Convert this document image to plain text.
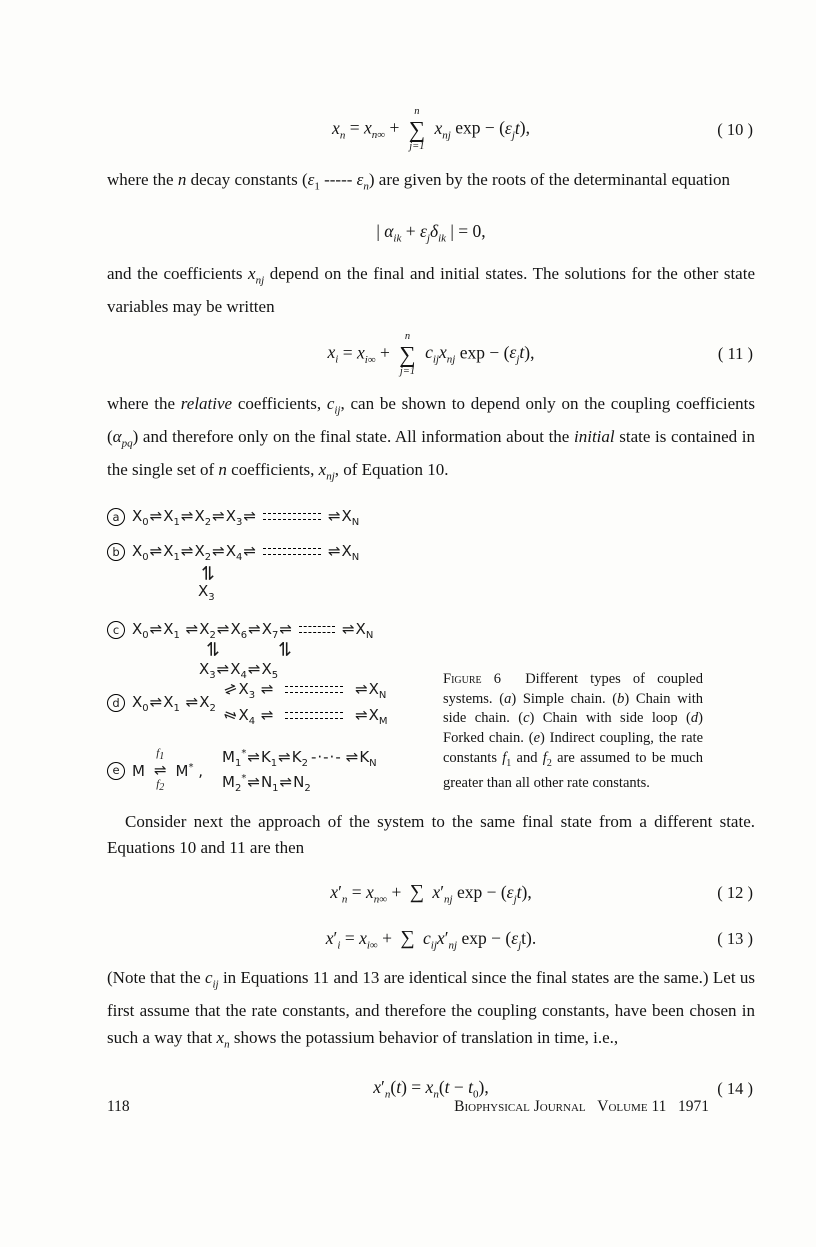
$x_n = x_{n\infty}$ +
n
∑
j=1
$x_{nj}$ $\exp - (\varepsilon_jt)$,	( 10 )

where the n decay constants ($\varepsilon_1$ ----- $\varepsilon_n$) are given by the roots of the determinantal equation

| $\alpha_{ik} + \varepsilon_j\delta_{ik}$ | = 0,

and the coefficients $x_{nj}$ depend on the final and initial states. The solutions for the other state variables may be written

$x_i = x_{i\infty}$ +
n
∑
j=1
$c_{ij}x_{nj}$ $\exp - (\varepsilon_jt)$,	( 11 )

where the relative coefficients, $c_{ij}$, can be shown to depend only on the coupling coefficients $(\alpha_{pq})$ and therefore only on the final state. All information about the initial state is contained in the single set of n coefficients, $x_{nj}$, of Equation 10.

a $X_0\rightleftharpoons X_1\rightleftharpoons X_2\rightleftharpoons X_3\rightleftharpoons$	$\rightleftharpoons X_N$
b $X_0\rightleftharpoons X_1\rightleftharpoons X_2\rightleftharpoons X_4\rightleftharpoons$	$\rightleftharpoons X_N$
⇌
$X_3$
c $X_0\rightleftharpoons X_1$ $\rightleftharpoons X_2\rightleftharpoons X_6\rightleftharpoons X_7\rightleftharpoons$	$\rightleftharpoons X_N$
⇌	⇌
$X_3\rightleftharpoons X_4\rightleftharpoons X_5$
d $X_0\rightleftharpoons X_1$ $\rightleftharpoons X_2$
$\rightleftharpoons X_3$ ⇌	$\rightleftharpoons X_N$
$\rightleftharpoons X_4$ ⇌	$\rightleftharpoons X_M$
e M
$f_1$
⇌
$f_2$
M* ,
$M_1^*\rightleftharpoons K_1\rightleftharpoons K_2$ -·-·- $\rightleftharpoons K_N$
$M_2^*\rightleftharpoons N_1\rightleftharpoons N_2$
Figure 6  Different types of coupled systems. (a) Simple chain. (b) Chain with side chain. (c) Chain with side loop (d) Forked chain. (e) Indirect coupling, the rate constants $f_1$ and $f_2$ are assumed to be much greater than all other rate constants.

Consider next the approach of the system to the same final state from a different state. Equations 10 and 11 are then

$x'_n = x_{n\infty}$ + ∑ $x'_{nj}$ $\exp - (\varepsilon_jt)$,	( 12 )
$x'_i = x_{i\infty}$ + ∑ $c_{ij}x'_{nj}$ $\exp - (\varepsilon_jt)$.	( 13 )

(Note that the $c_{ij}$ in Equations 11 and 13 are identical since the final states are the same.) Let us first assume that the rate constants, and therefore the coupling constants, have been chosen in such a way that $x_n$ shows the potassium behavior of translation in time, i.e.,

$x'_n(t) = x_n(t - t_0)$,	( 14 )
118	Biophysical Journal Volume 11   1971
